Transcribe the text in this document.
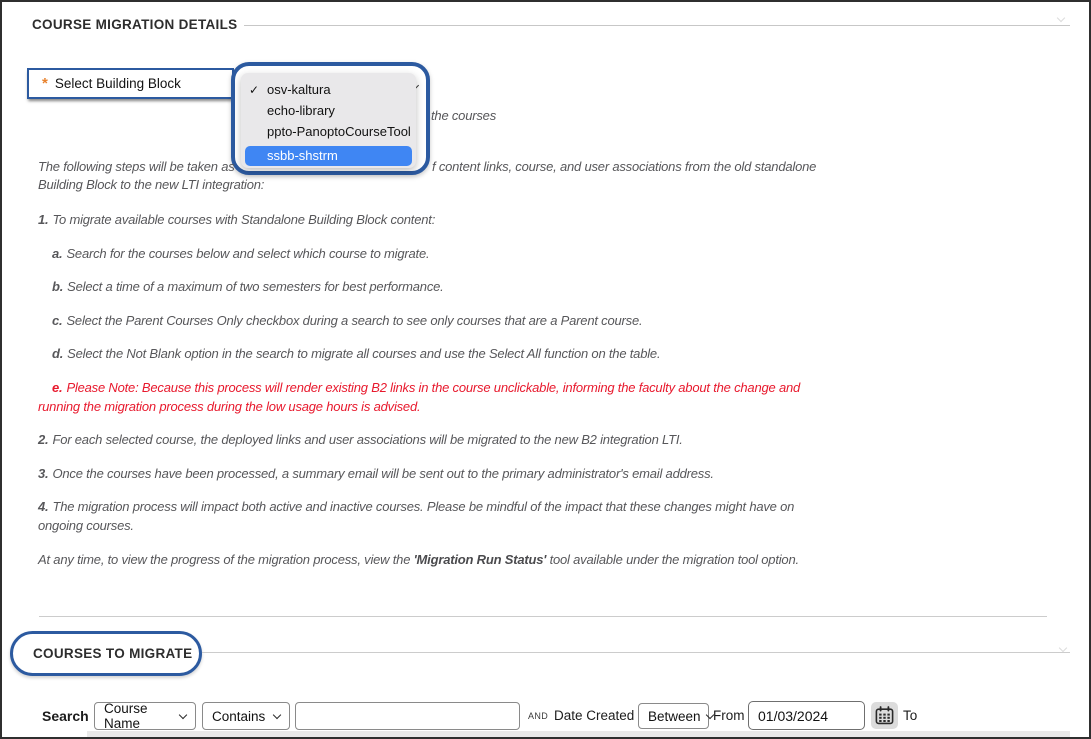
COURSE MIGRATION DETAILS
* Select Building Block ✓	osv-kaltura
echo-library
ppto-PanoptoCourseTool
ssbb-shstrm
the courses
The following steps will be taken as	f content links, course, and user associations from the old standalone
Building Block to the new LTI integration:
1. To migrate available courses with Standalone Building Block content:
a. Search for the courses below and select which course to migrate.
b. Select a time of a maximum of two semesters for best performance.
c. Select the Parent Courses Only checkbox during a search to see only courses that are a Parent course.
d. Select the Not Blank option in the search to migrate all courses and use the Select All function on the table.
e. Please Note: Because this process will render existing B2 links in the course unclickable, informing the faculty about the change and
running the migration process during the low usage hours is advised.
2. For each selected course, the deployed links and user associations will be migrated to the new B2 integration LTI.
3. Once the courses have been processed, a summary email will be sent out to the primary administrator's email address.
4. The migration process will impact both active and inactive courses. Please be mindful of the impact that these changes might have on
ongoing courses.
At any time, to view the progress of the migration process, view the 'Migration Run Status' tool available under the migration tool option.
COURSES TO MIGRATE
Search Course Name	Contains	AND Date Created Between From
01/03/2024	To
